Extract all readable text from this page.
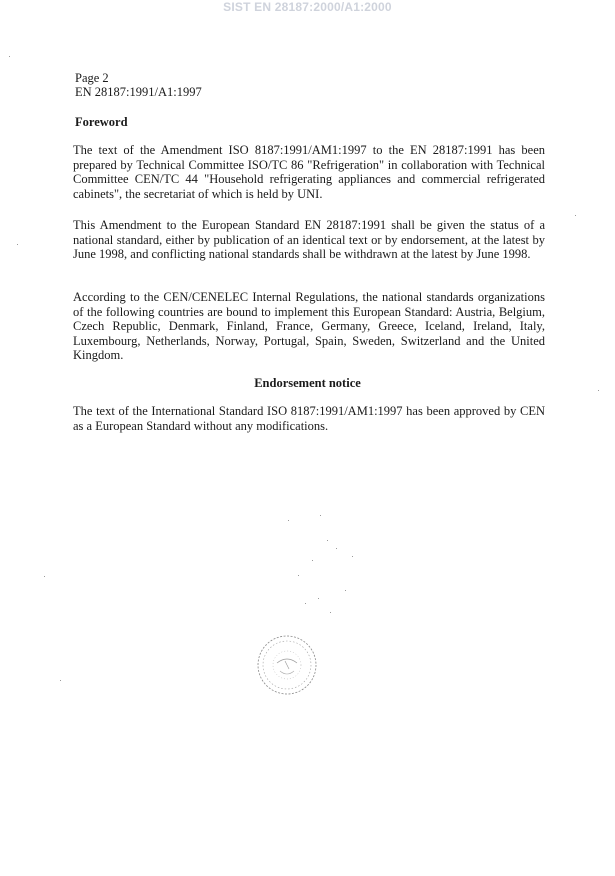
SIST EN 28187:2000/A1:2000
Page 2
EN 28187:1991/A1:1997
Foreword

The text of the Amendment ISO 8187:1991/AM1:1997 to the EN 28187:1991 has been prepared by Technical Committee ISO/TC 86 "Refrigeration" in collaboration with Technical Committee CEN/TC 44 "Household refrigerating appliances and commercial refrigerated cabinets", the secretariat of which is held by UNI.

This Amendment to the European Standard EN 28187:1991 shall be given the status of a national standard, either by publication of an identical text or by endorsement, at the latest by June 1998, and conflicting national standards shall be withdrawn at the latest by June 1998.

According to the CEN/CENELEC Internal Regulations, the national standards organizations of the following countries are bound to implement this European Standard: Austria, Belgium, Czech Republic, Denmark, Finland, France, Germany, Greece, Iceland, Ireland, Italy, Luxembourg, Netherlands, Norway, Portugal, Spain, Sweden, Switzerland and the United Kingdom.

Endorsement notice

The text of the International Standard ISO 8187:1991/AM1:1997 has been approved by CEN as a European Standard without any modifications.
